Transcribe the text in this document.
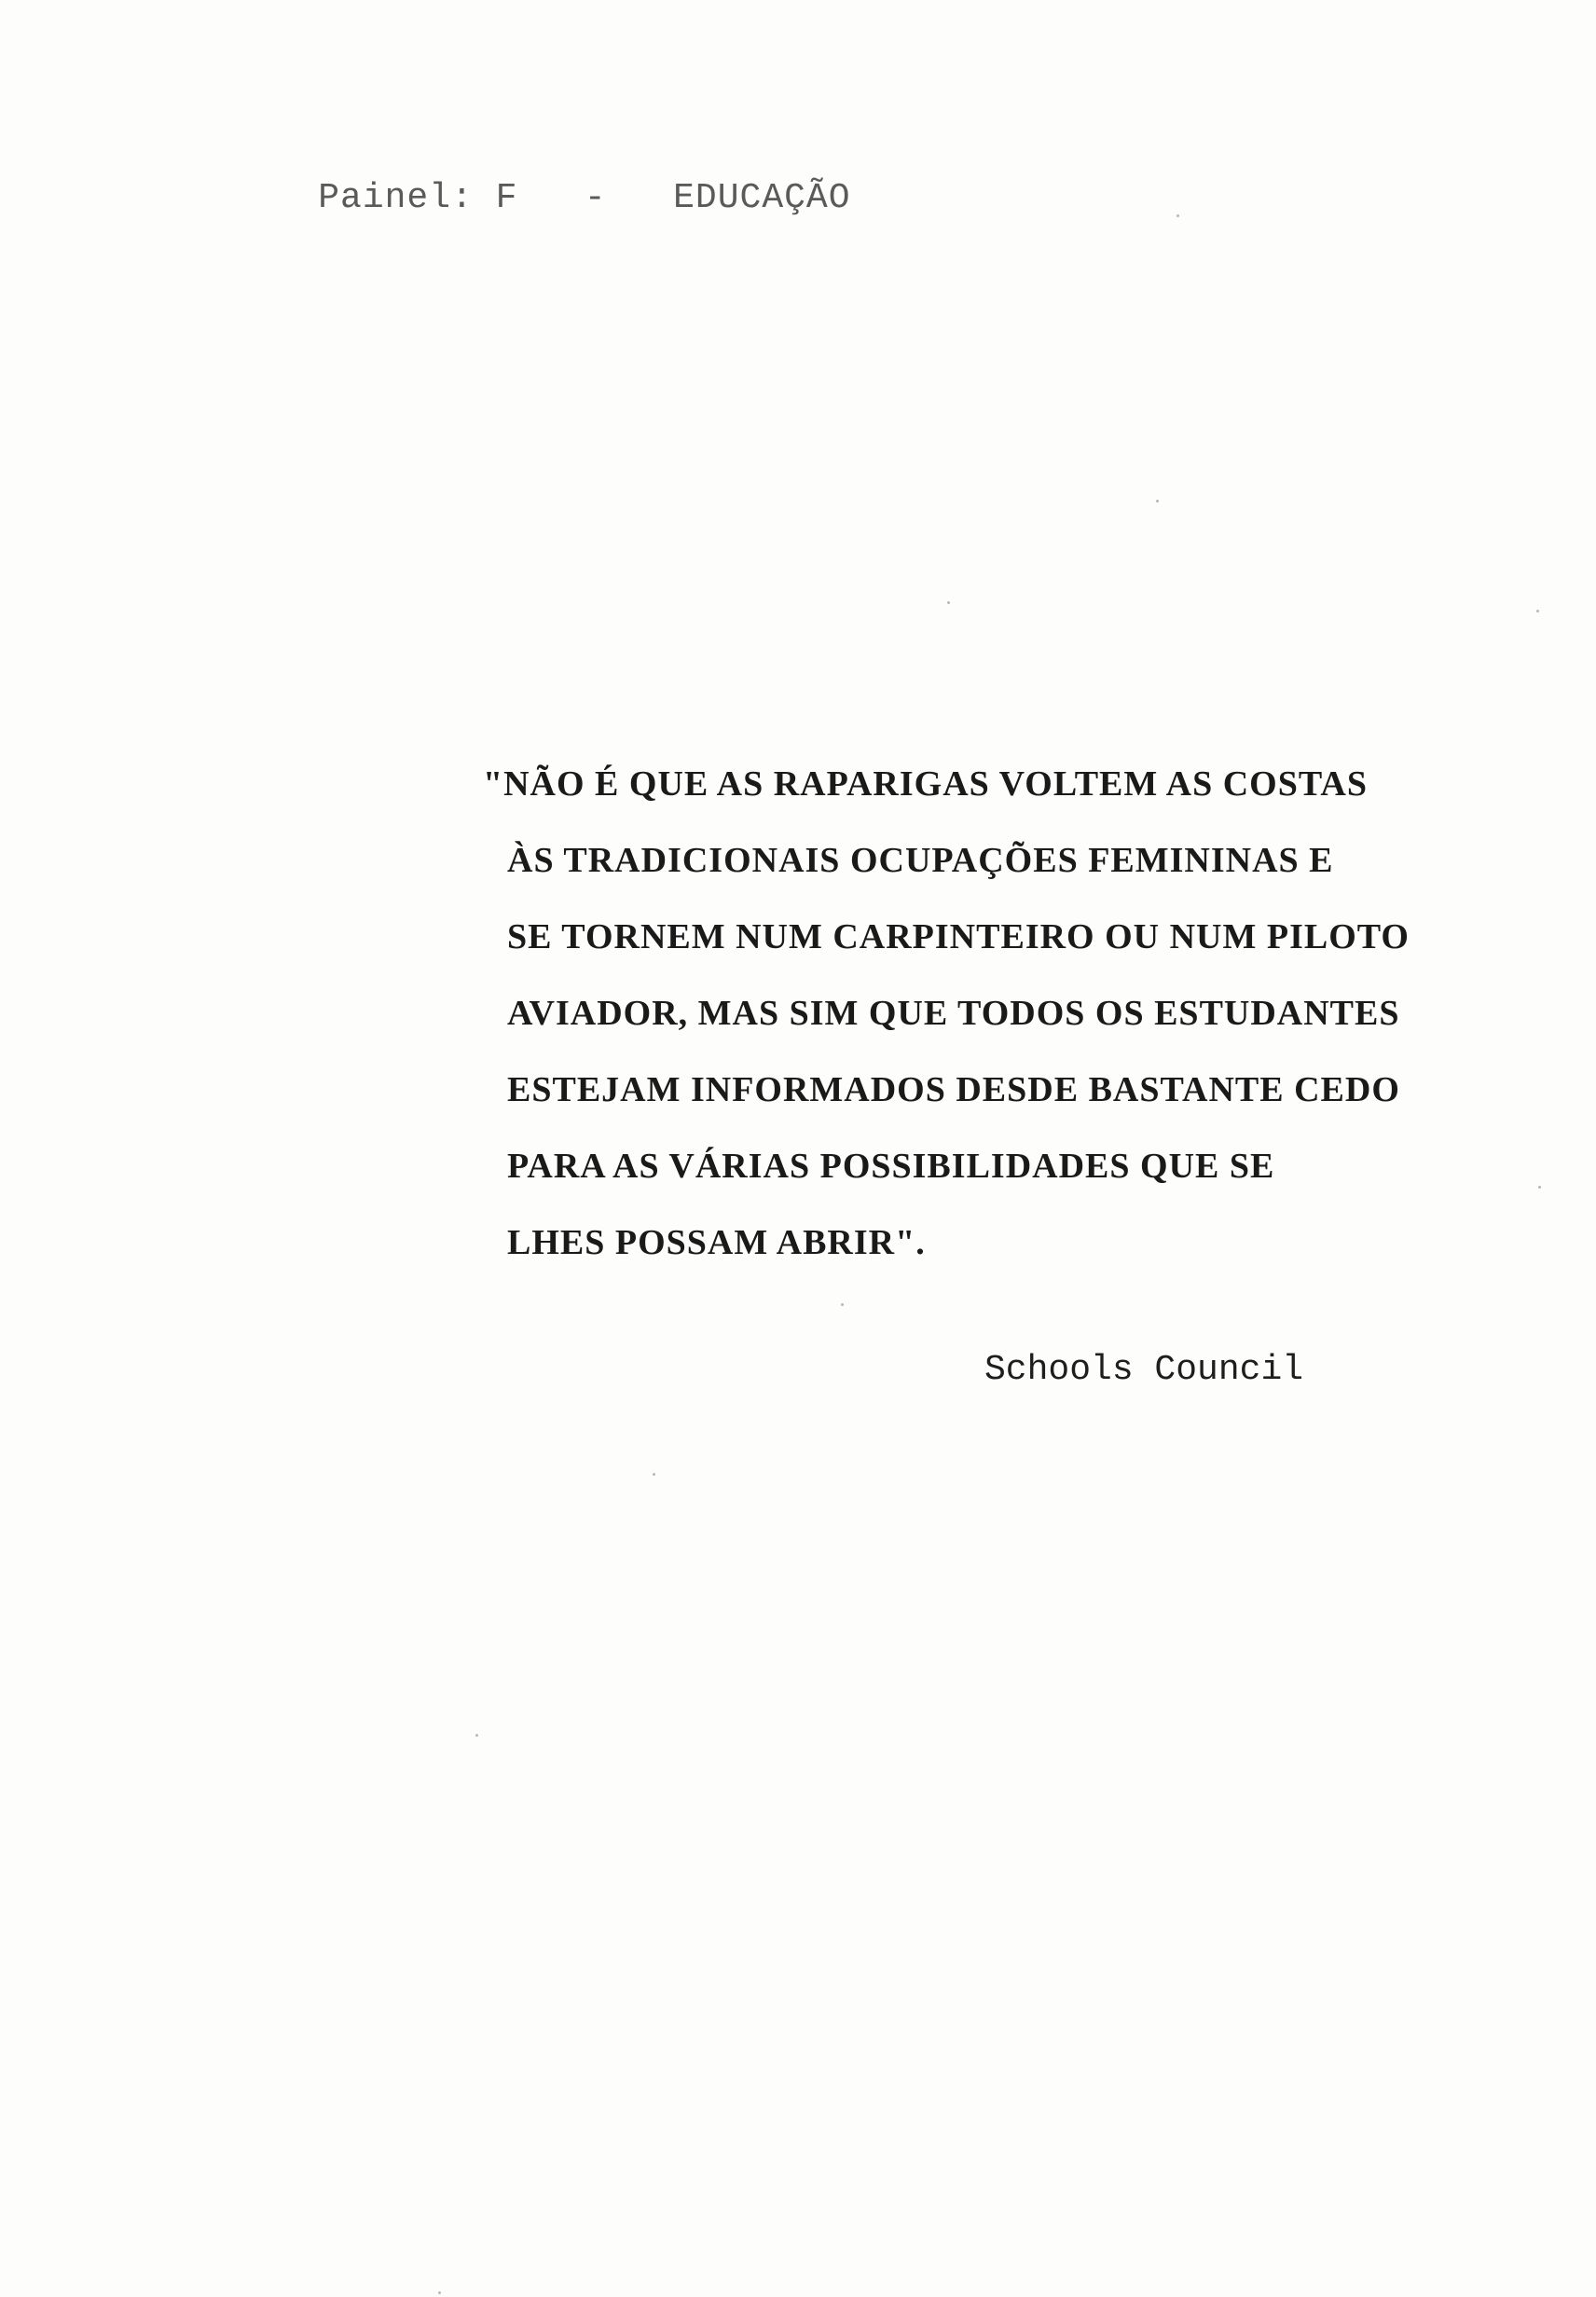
Painel: F - EDUCAÇÃO

"NÃO É QUE AS RAPARIGAS VOLTEM AS COSTAS
ÀS TRADICIONAIS OCUPAÇÕES FEMININAS E
SE TORNEM NUM CARPINTEIRO OU NUM PILOTO
AVIADOR, MAS SIM QUE TODOS OS ESTUDANTES
ESTEJAM INFORMADOS DESDE BASTANTE CEDO
PARA AS VÁRIAS POSSIBILIDADES QUE SE
LHES POSSAM ABRIR".
Schools Council
